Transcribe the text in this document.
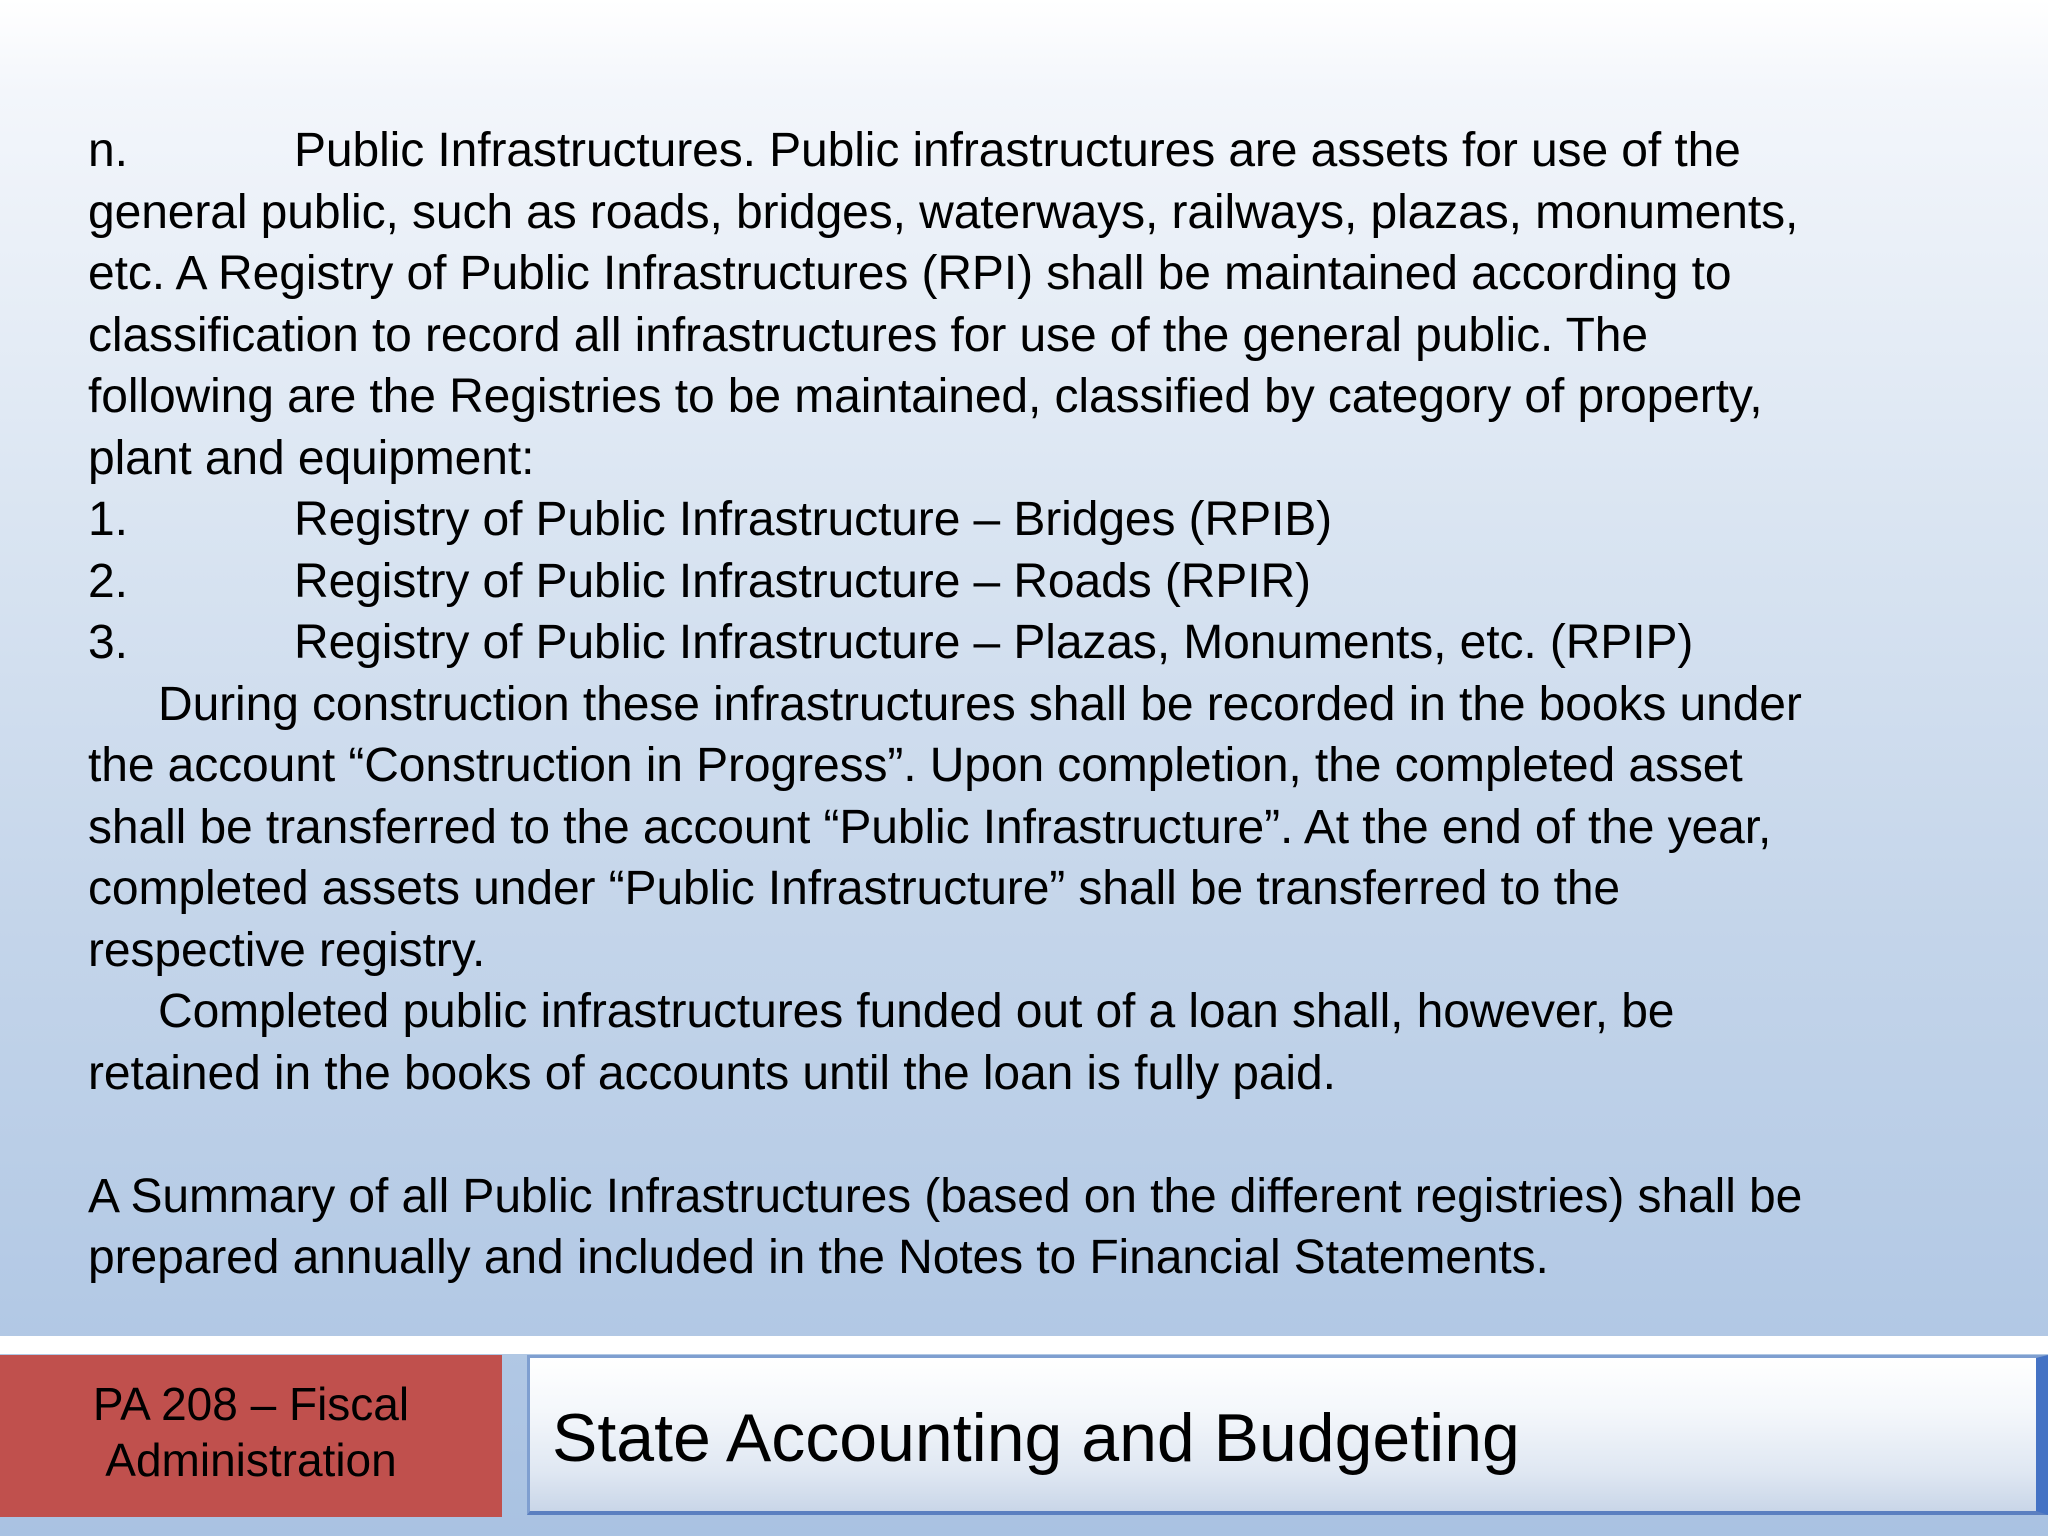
n.	Public Infrastructures. Public infrastructures are assets for use of the
general public, such as roads, bridges, waterways, railways, plazas, monuments,
etc. A Registry of Public Infrastructures (RPI) shall be maintained according to
classification to record all infrastructures for use of the general public. The
following are the Registries to be maintained, classified by category of property,
plant and equipment:
1.	Registry of Public Infrastructure – Bridges (RPIB)
2.	Registry of Public Infrastructure – Roads (RPIR)
3.	Registry of Public Infrastructure – Plazas, Monuments, etc. (RPIP)
During construction these infrastructures shall be recorded in the books under
the account “Construction in Progress”. Upon completion, the completed asset
shall be transferred to the account “Public Infrastructure”. At the end of the year,
completed assets under “Public Infrastructure” shall be transferred to the
respective registry.
Completed public infrastructures funded out of a loan shall, however, be
retained in the books of accounts until the loan is fully paid.
A Summary of all Public Infrastructures (based on the different registries) shall be
prepared annually and included in the Notes to Financial Statements.
PA 208 – Fiscal
Administration	State Accounting and Budgeting
